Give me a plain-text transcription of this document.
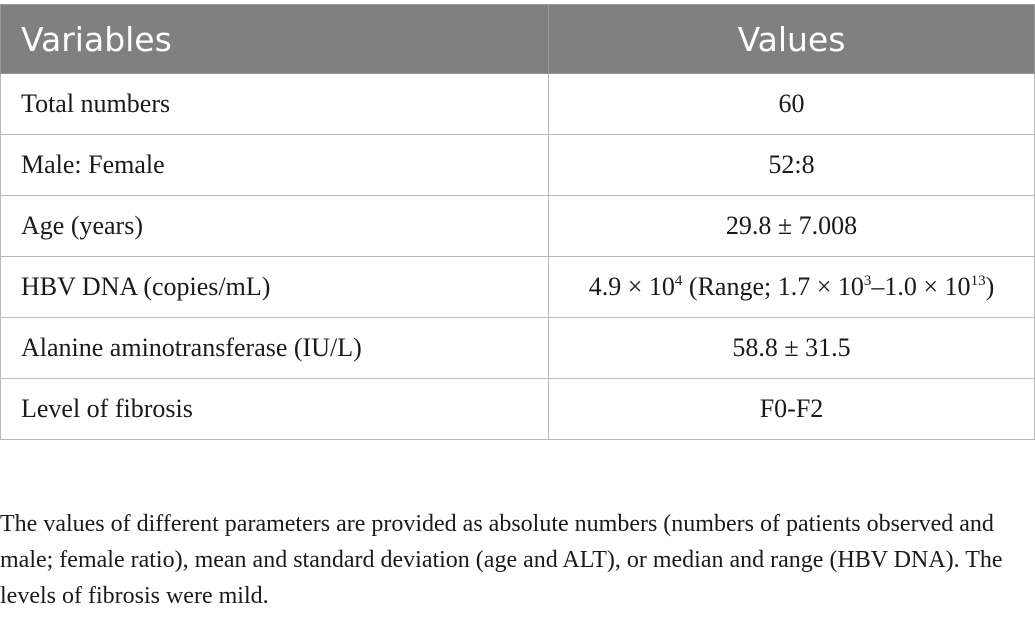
Variables	Values
Total numbers	60
Male: Female	52:8
Age (years)	29.8 ± 7.008
HBV DNA (copies/mL)	$4.9 \times 10^4$ (Range; $1.7 \times 10^3-1.0 \times 10^{13}$)
Alanine aminotransferase (IU/L)	58.8 ± 31.5
Level of fibrosis	F0-F2

The values of different parameters are provided as absolute numbers (numbers of patients observed and male; female ratio), mean and standard deviation (age and ALT), or median and range (HBV DNA). The levels of fibrosis were mild.
